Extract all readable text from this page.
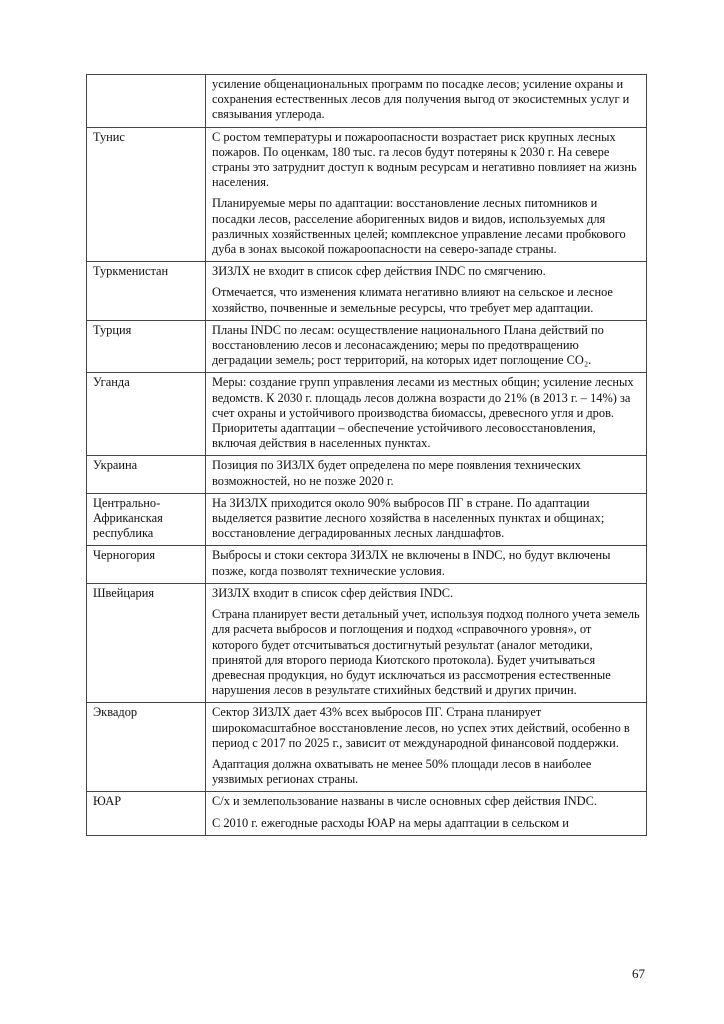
	усиление общенациональных программ по посадке лесов; усиление охраны и сохранения естественных лесов для получения выгод от экосистемных услуг и связывания углерода.

Тунис	С ростом температуры и пожароопасности возрастает риск крупных лесных пожаров. По оценкам, 180 тыс. га лесов будут потеряны к 2030 г. На севере страны это затруднит доступ к водным ресурсам и негативно повлияет на жизнь населения.

Планируемые меры по адаптации: восстановление лесных питомников и посадки лесов, расселение аборигенных видов и видов, используемых для различных хозяйственных целей; комплексное управление лесами пробкового дуба в зонах высокой пожароопасности на северо-западе страны.

Туркменистан	ЗИЗЛХ не входит в список сфер действия INDC по смягчению.

Отмечается, что изменения климата негативно влияют на сельское и лесное хозяйство, почвенные и земельные ресурсы, что требует мер адаптации.

Турция	Планы INDC по лесам: осуществление национального Плана действий по восстановлению лесов и лесонасаждению; меры по предотвращению деградации земель; рост территорий, на которых идет поглощение CO₂.

Уганда	Меры: создание групп управления лесами из местных общин; усиление лесных ведомств. К 2030 г. площадь лесов должна возрасти до 21% (в 2013 г. – 14%) за счет охраны и устойчивого производства биомассы, древесного угля и дров. Приоритеты адаптации – обеспечение устойчивого лесовосстановления, включая действия в населенных пунктах.

Украина	Позиция по ЗИЗЛХ будет определена по мере появления технических возможностей, но не позже 2020 г.

Центрально-Африканская республика	На ЗИЗЛХ приходится около 90% выбросов ПГ в стране. По адаптации выделяется развитие лесного хозяйства в населенных пунктах и общинах; восстановление деградированных лесных ландшафтов.

Черногория	Выбросы и стоки сектора ЗИЗЛХ не включены в INDC, но будут включены позже, когда позволят технические условия.

Швейцария	ЗИЗЛХ входит в список сфер действия INDC.

Страна планирует вести детальный учет, используя подход полного учета земель для расчета выбросов и поглощения и подход «справочного уровня», от которого будет отсчитываться достигнутый результат (аналог методики, принятой для второго периода Киотского протокола). Будет учитываться древесная продукция, но будут исключаться из рассмотрения естественные нарушения лесов в результате стихийных бедствий и других причин.

Эквадор	Сектор ЗИЗЛХ дает 43% всех выбросов ПГ. Страна планирует широкомасштабное восстановление лесов, но успех этих действий, особенно в период с 2017 по 2025 г., зависит от международной финансовой поддержки.

Адаптация должна охватывать не менее 50% площади лесов в наиболее уязвимых регионах страны.

ЮАР	С/х и землепользование названы в числе основных сфер действия INDC.

С 2010 г. ежегодные расходы ЮАР на меры адаптации в сельском и

67
